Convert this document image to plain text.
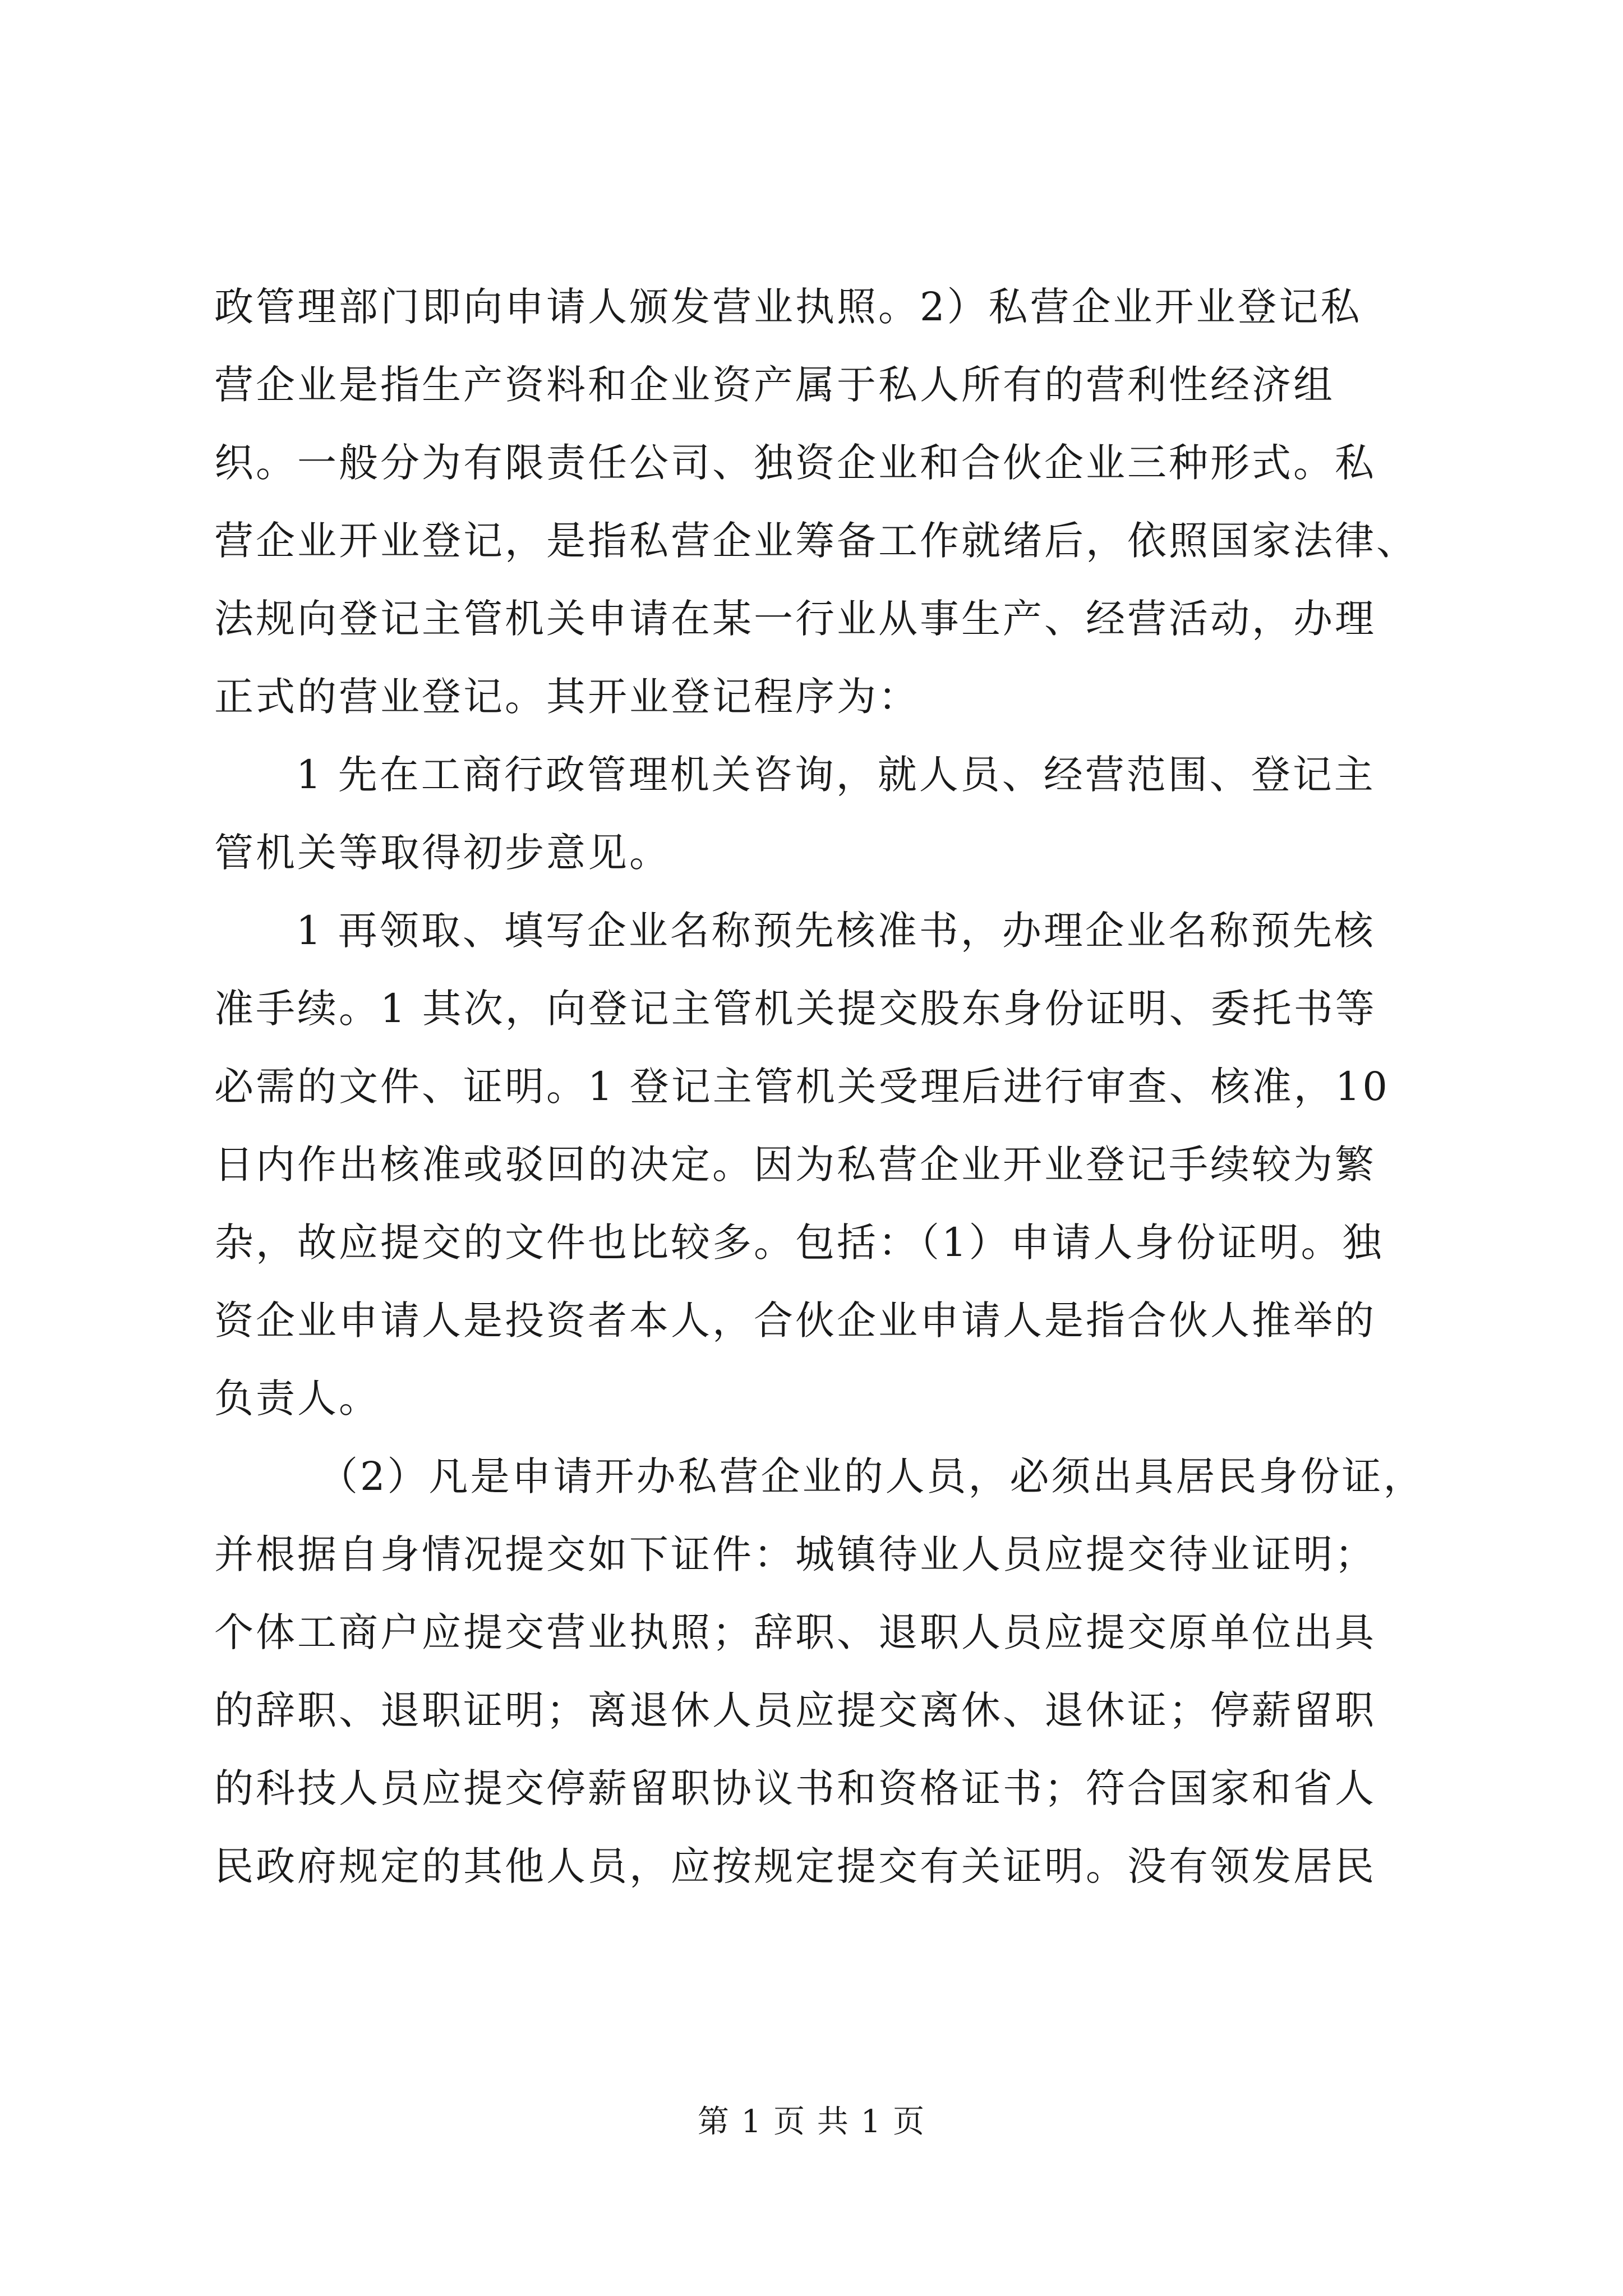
政管理部门即向申请人颁发营业执照。2）私营企业开业登记私
营企业是指生产资料和企业资产属于私人所有的营利性经济组
织。一般分为有限责任公司、独资企业和合伙企业三种形式。私
营企业开业登记，是指私营企业筹备工作就绪后，依照国家法律、
法规向登记主管机关申请在某一行业从事生产、经营活动，办理
正式的营业登记。其开业登记程序为：
1 先在工商行政管理机关咨询，就人员、经营范围、登记主
管机关等取得初步意见。
1 再领取、填写企业名称预先核准书，办理企业名称预先核
准手续。1 其次，向登记主管机关提交股东身份证明、委托书等
必需的文件、证明。1 登记主管机关受理后进行审查、核准，10
日内作出核准或驳回的决定。因为私营企业开业登记手续较为繁
杂，故应提交的文件也比较多。包括：（1）申请人身份证明。独
资企业申请人是投资者本人，合伙企业申请人是指合伙人推举的
负责人。
（2）凡是申请开办私营企业的人员，必须出具居民身份证，
并根据自身情况提交如下证件：城镇待业人员应提交待业证明；
个体工商户应提交营业执照；辞职、退职人员应提交原单位出具
的辞职、退职证明；离退休人员应提交离休、退休证；停薪留职
的科技人员应提交停薪留职协议书和资格证书；符合国家和省人
民政府规定的其他人员，应按规定提交有关证明。没有领发居民
第 1 页 共 1 页
